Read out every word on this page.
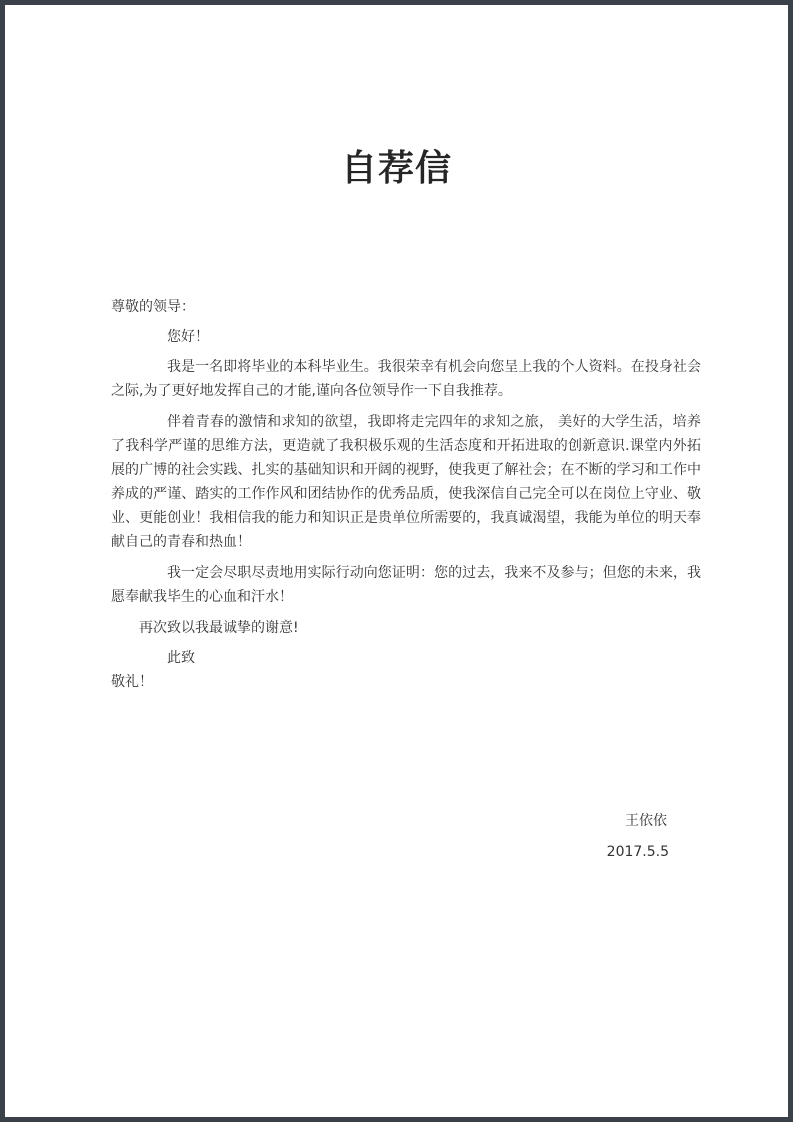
自荐信

尊敬的领导：

您好！

我是一名即将毕业的本科毕业生。我很荣幸有机会向您呈上我的个人资料。在投身社会之际,为了更好地发挥自己的才能,谨向各位领导作一下自我推荐。

伴着青春的激情和求知的欲望，我即将走完四年的求知之旅， 美好的大学生活，培养了我科学严谨的思维方法，更造就了我积极乐观的生活态度和开拓进取的创新意识.课堂内外拓展的广博的社会实践、扎实的基础知识和开阔的视野，使我更了解社会；在不断的学习和工作中养成的严谨、踏实的工作作风和团结协作的优秀品质，使我深信自己完全可以在岗位上守业、敬业、更能创业！我相信我的能力和知识正是贵单位所需要的，我真诚渴望，我能为单位的明天奉献自己的青春和热血！

我一定会尽职尽责地用实际行动向您证明：您的过去，我来不及参与；但您的未来，我愿奉献我毕生的心血和汗水！

再次致以我最诚挚的谢意!

此致

敬礼！

王依依
2017.5.5
